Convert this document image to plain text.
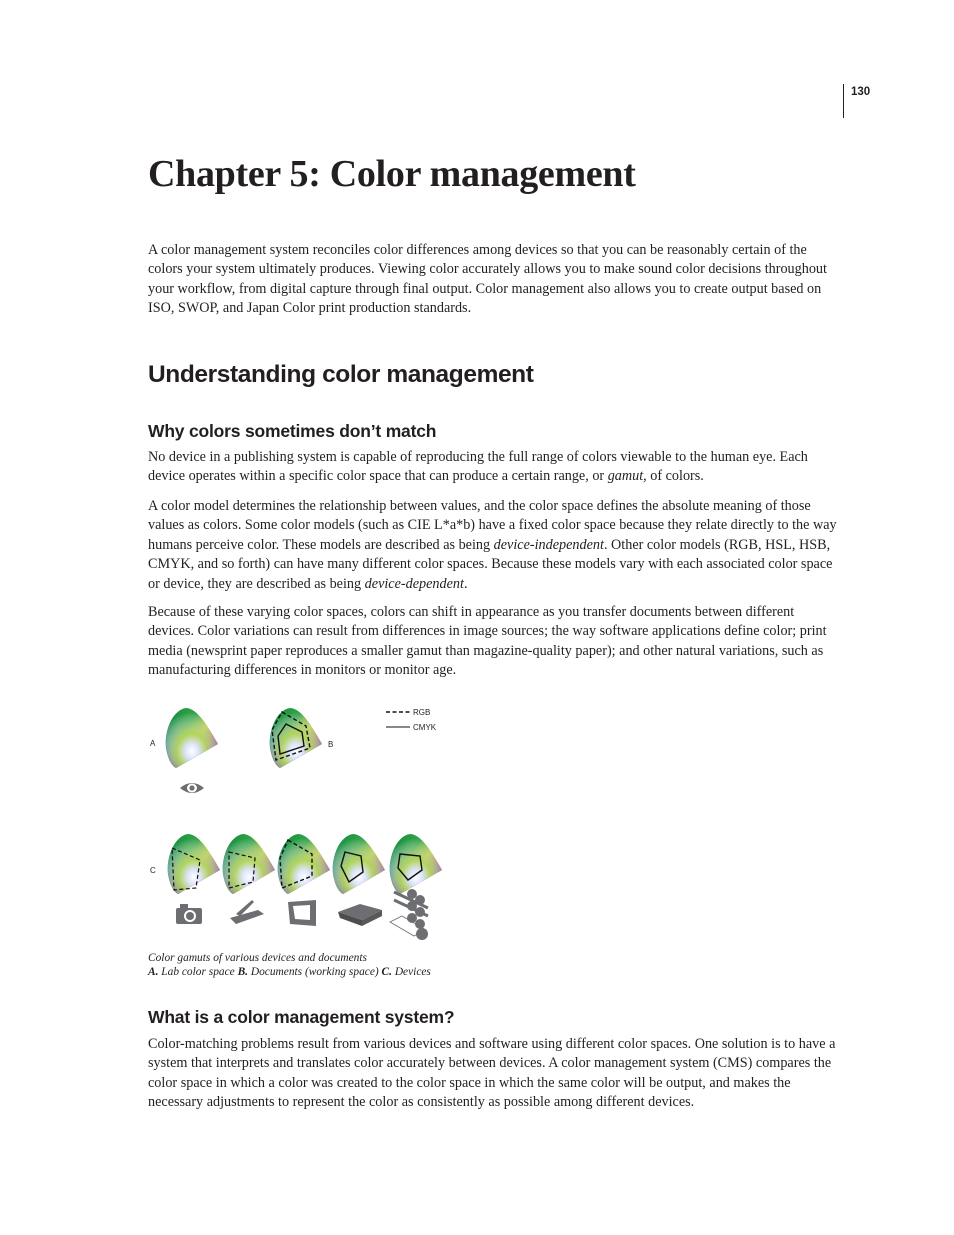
130
Chapter 5: Color management

A color management system reconciles color differences among devices so that you can be reasonably certain of the colors your system ultimately produces. Viewing color accurately allows you to make sound color decisions throughout your workflow, from digital capture through final output. Color management also allows you to create output based on ISO, SWOP, and Japan Color print production standards.

Understanding color management
Why colors sometimes don’t match

No device in a publishing system is capable of reproducing the full range of colors viewable to the human eye. Each device operates within a specific color space that can produce a certain range, or gamut, of colors.

A color model determines the relationship between values, and the color space defines the absolute meaning of those values as colors. Some color models (such as CIE L*a*b) have a fixed color space because they relate directly to the way humans perceive color. These models are described as being device-independent. Other color models (RGB, HSL, HSB, CMYK, and so forth) can have many different color spaces. Because these models vary with each associated color space or device, they are described as being device-dependent.

Because of these varying color spaces, colors can shift in appearance as you transfer documents between different devices. Color variations can result from differences in image sources; the way software applications define color; print media (newsprint paper reproduces a smaller gamut than magazine-quality paper); and other natural variations, such as manufacturing differences in monitors or monitor age.

A	B
RGB
CMYK
C
Color gamuts of various devices and documents
A. Lab color space B. Documents (working space) C. Devices
What is a color management system?

Color-matching problems result from various devices and software using different color spaces. One solution is to have a system that interprets and translates color accurately between devices. A color management system (CMS) compares the color space in which a color was created to the color space in which the same color will be output, and makes the necessary adjustments to represent the color as consistently as possible among different devices.
